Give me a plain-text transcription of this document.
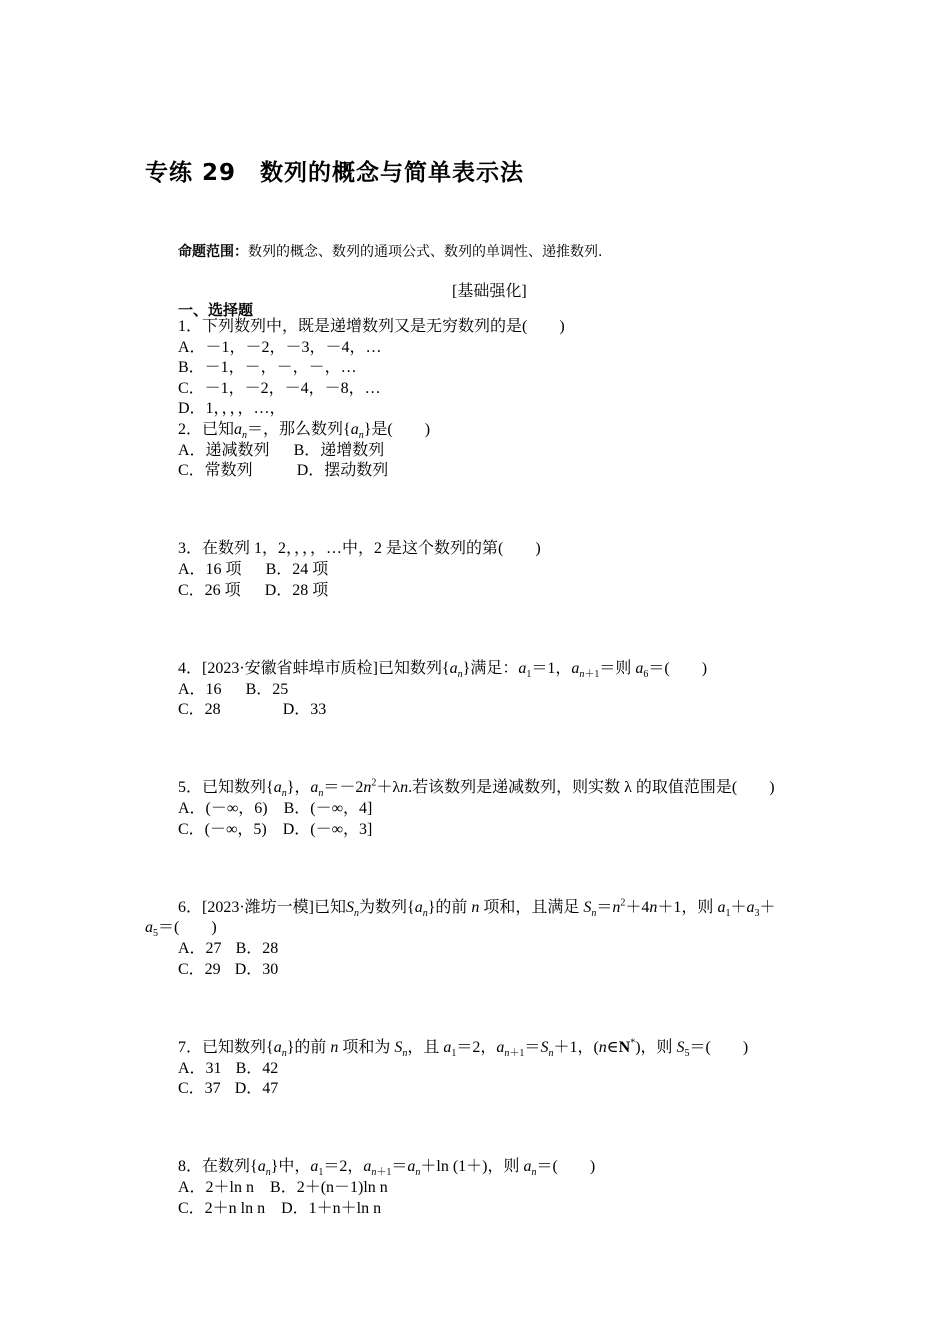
专练 29　数列的概念与简单表示法
命题范围：数列的概念、数列的通项公式、数列的单调性、递推数列.
[基础强化]
一、选择题
1．下列数列中，既是递增数列又是无穷数列的是(　　)
A．－1，－2，－3，－4，…
B．－1，－，－，－，…
C．－1，－2，－4，－8，…
D．1，，，，…，
2．已知$a_n=$，那么数列$\{a_n\}$是(　　)
A．递减数列 B．递增数列
C．常数列	D．摆动数列
3．在数列 1，2，，，，…中，2 是这个数列的第(　　)
A．16 项 B．24 项
C．26 项 D．28 项
4．[2023·安徽省蚌埠市质检]已知数列$\{a_n\}$满足：$a_1=1$，$a_{n+1}=$则 $a_6=$(　　)
A．16 B．25
C．28	D．33
5．已知数列$\{a_n\}$，$a_n=-2n^2+\lambda n$.若该数列是递减数列，则实数 λ 的取值范围是(　　)
A．(－∞，6) B．(－∞，4]
C．(－∞，5) D．(－∞，3]
6．[2023·潍坊一模]已知$S_n$为数列$\{a_n\}$的前 n 项和，且满足 $S_n=n^2+4n+1$，则 $a_1+a_3+$
$a_5=$(　　)
A．27 B．28
C．29 D．30
7．已知数列$\{a_n\}$的前 n 项和为 $S_n$，且 $a_1=2$，$a_{n+1}=S_n+1$，(n∈N*)，则 $S_5=$(　　)
A．31 B．42
C．37 D．47
8．在数列$\{a_n\}$中，$a_1=2$，$a_{n+1}=a_n+\ln$ (1＋)，则 $a_n=$(　　)
A．2＋ln n B．2＋(n－1)ln n
C．2＋n ln n D．1＋n＋ln n
